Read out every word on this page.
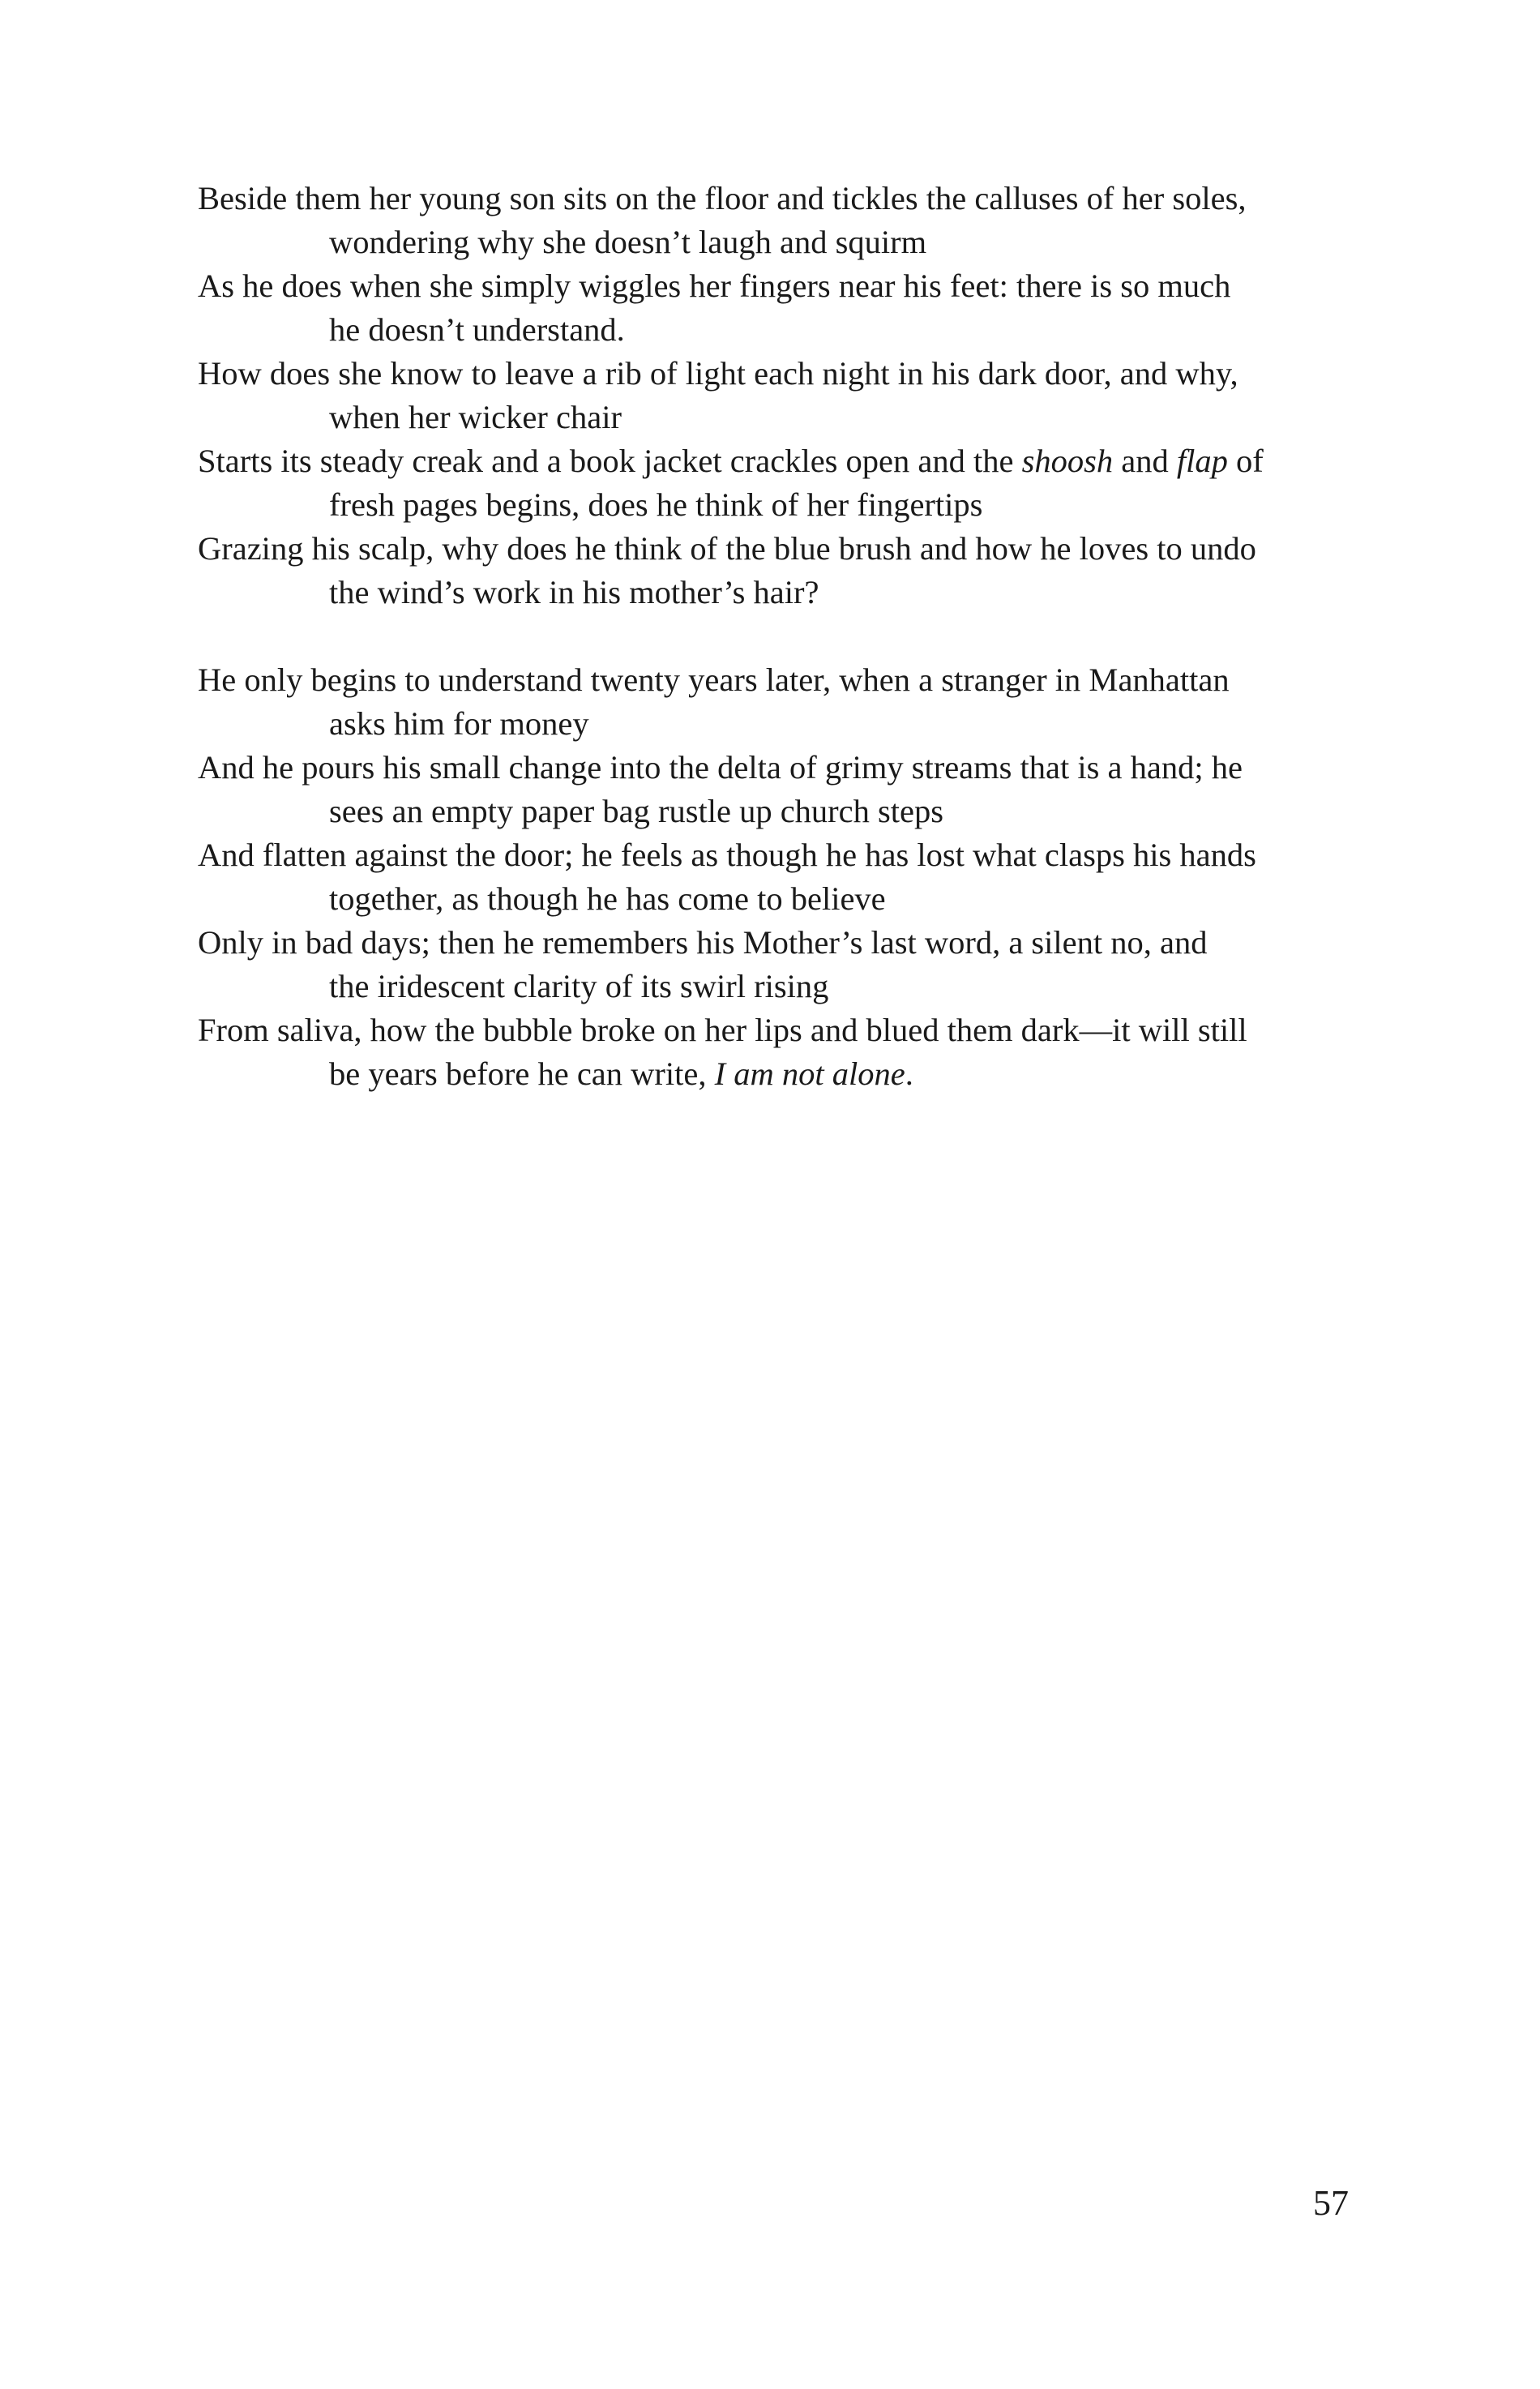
Beside them her young son sits on the floor and tickles the calluses of her soles,
wondering why she doesn’t laugh and squirm

As he does when she simply wiggles her fingers near his feet: there is so much
he doesn’t understand.

How does she know to leave a rib of light each night in his dark door, and why,
when her wicker chair

Starts its steady creak and a book jacket crackles open and the shoosh and flap of
fresh pages begins, does he think of her fingertips

Grazing his scalp, why does he think of the blue brush and how he loves to undo
the wind’s work in his mother’s hair?

He only begins to understand twenty years later, when a stranger in Manhattan
asks him for money

And he pours his small change into the delta of grimy streams that is a hand; he
sees an empty paper bag rustle up church steps

And flatten against the door; he feels as though he has lost what clasps his hands
together, as though he has come to believe

Only in bad days; then he remembers his Mother’s last word, a silent no, and
the iridescent clarity of its swirl rising

From saliva, how the bubble broke on her lips and blued them dark—it will still
be years before he can write, I am not alone.

57
